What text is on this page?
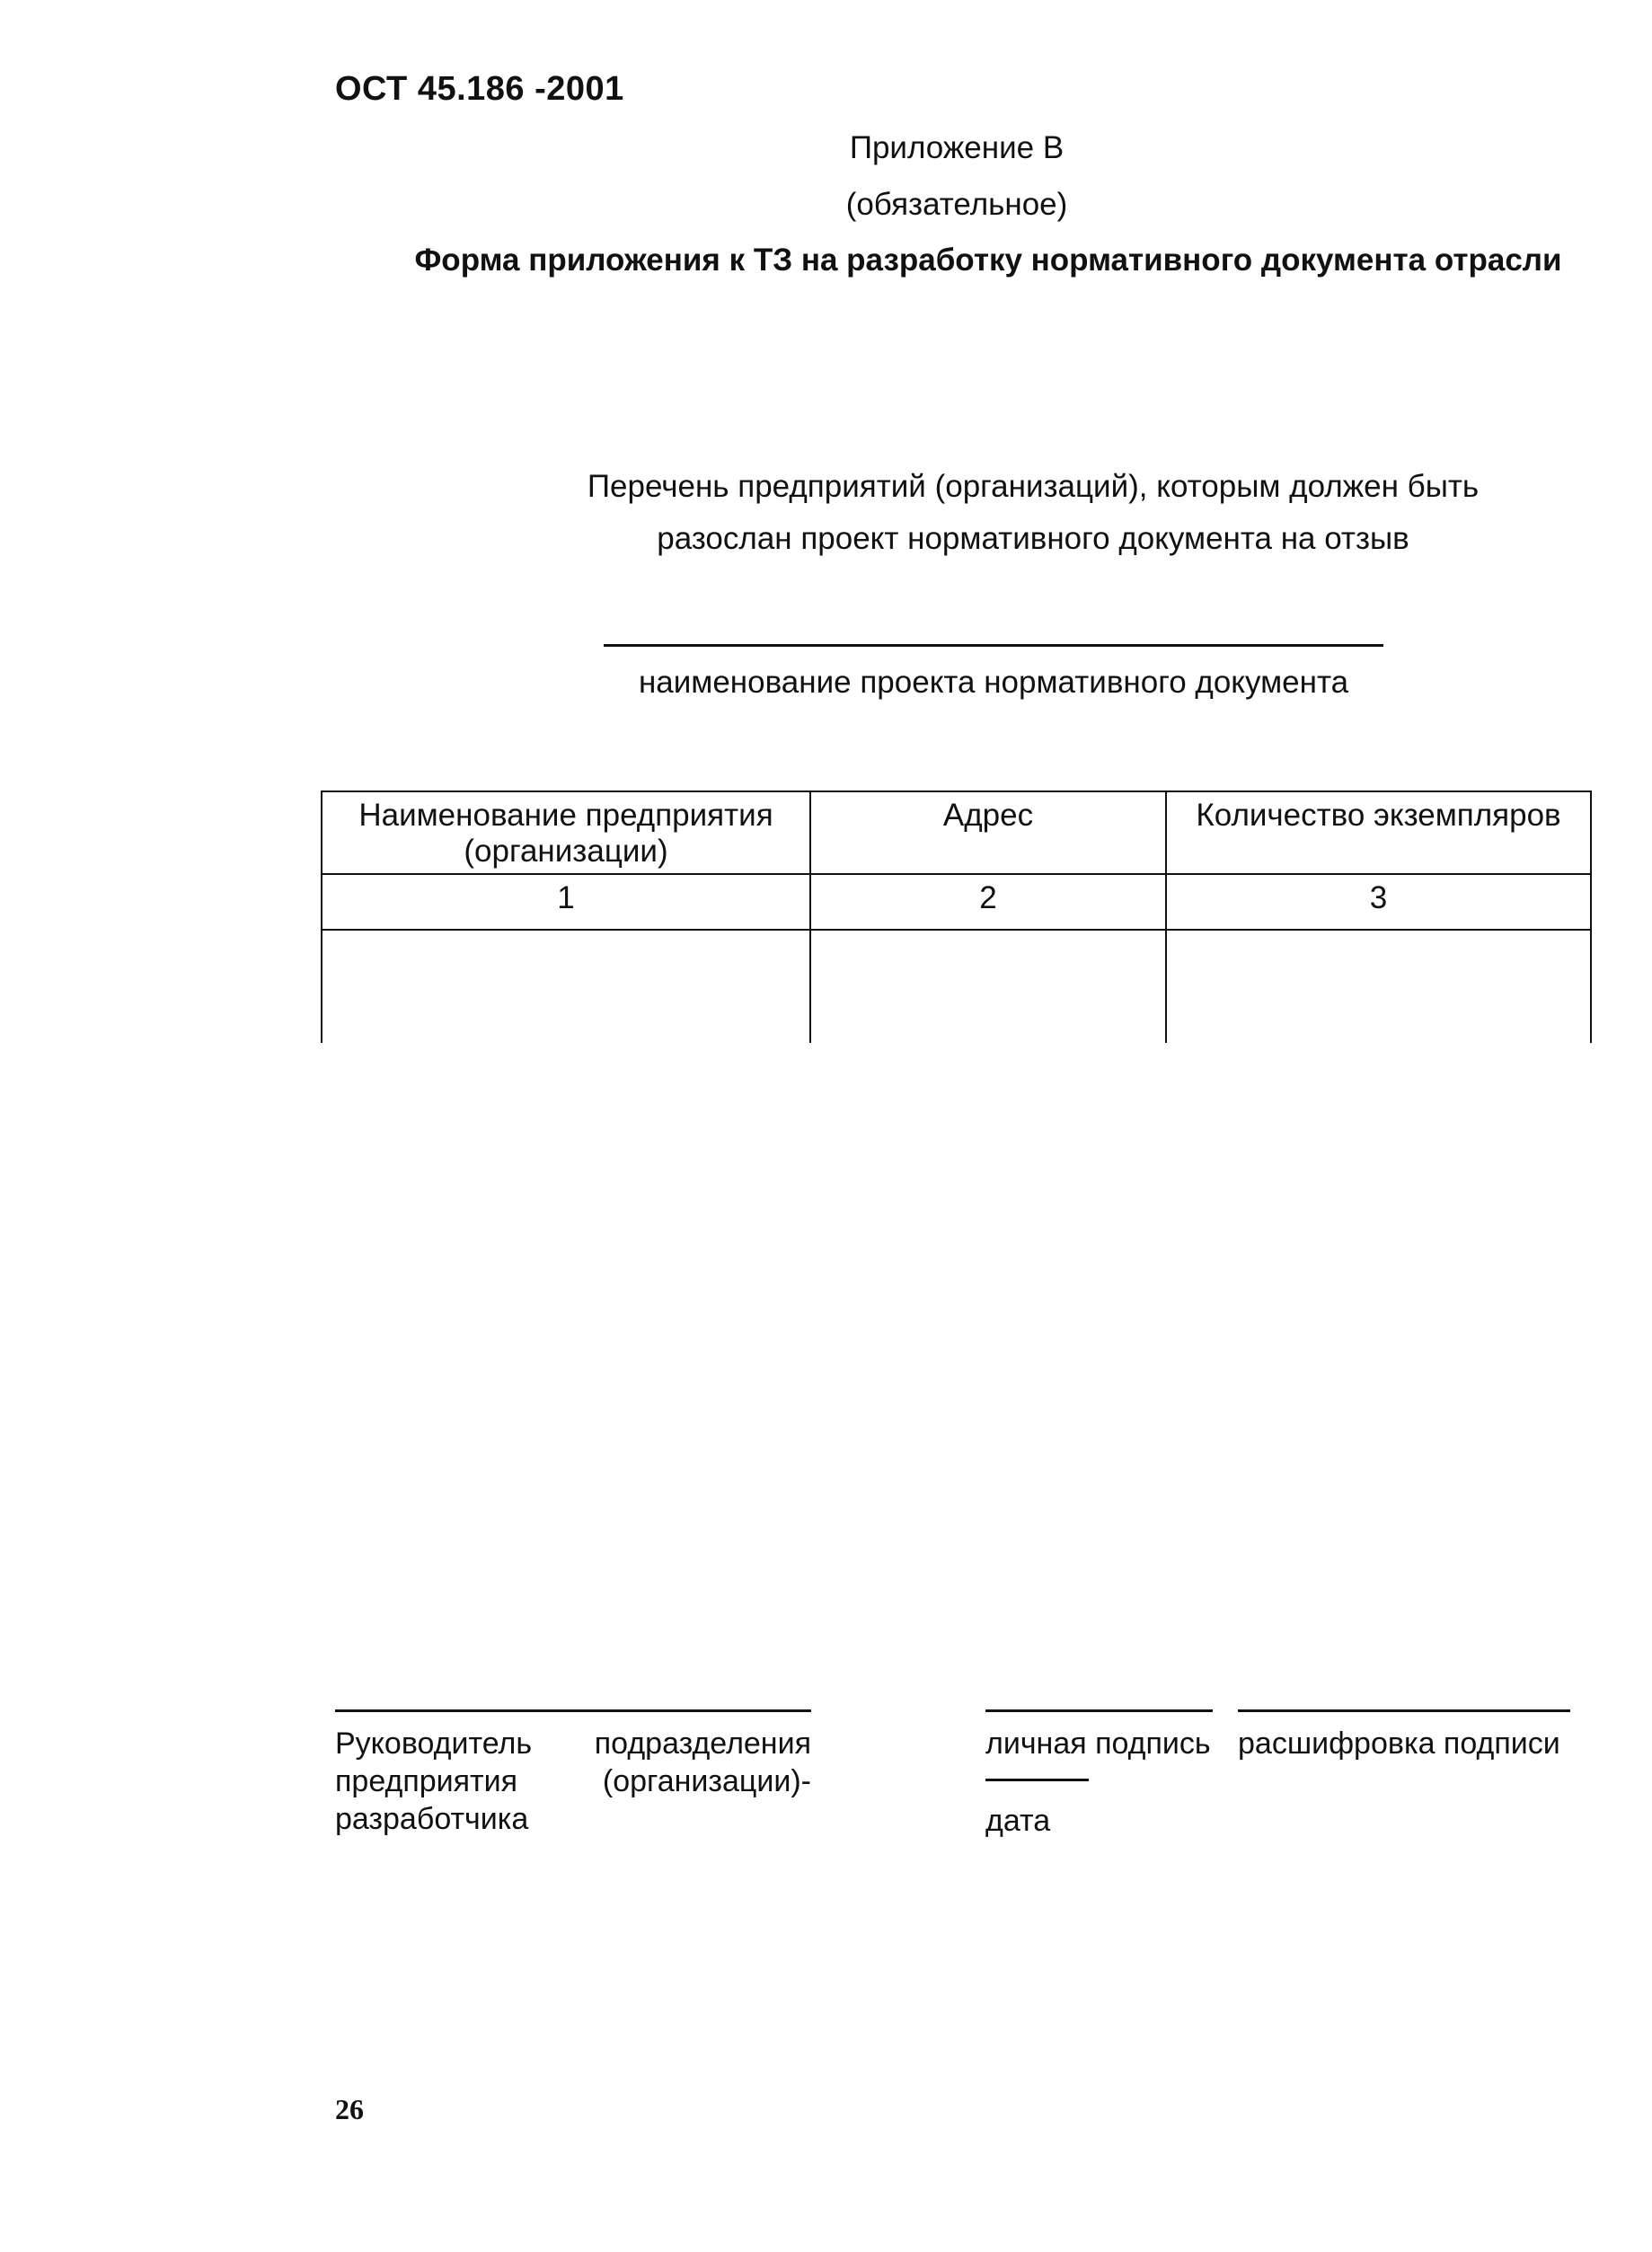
ОСТ 45.186 -2001
Приложение В
(обязательное)
Форма приложения к ТЗ на разработку нормативного документа отрасли
Перечень предприятий (организаций), которым должен быть
разослан проект нормативного документа на отзыв
наименование проекта нормативного документа
Наименование предприятия (организации)	Адрес	Количество экземпляров
1	2	3

Руководитель подразделения предприятия (организации)-разработчика
личная подпись расшифровка подписи
дата
26
